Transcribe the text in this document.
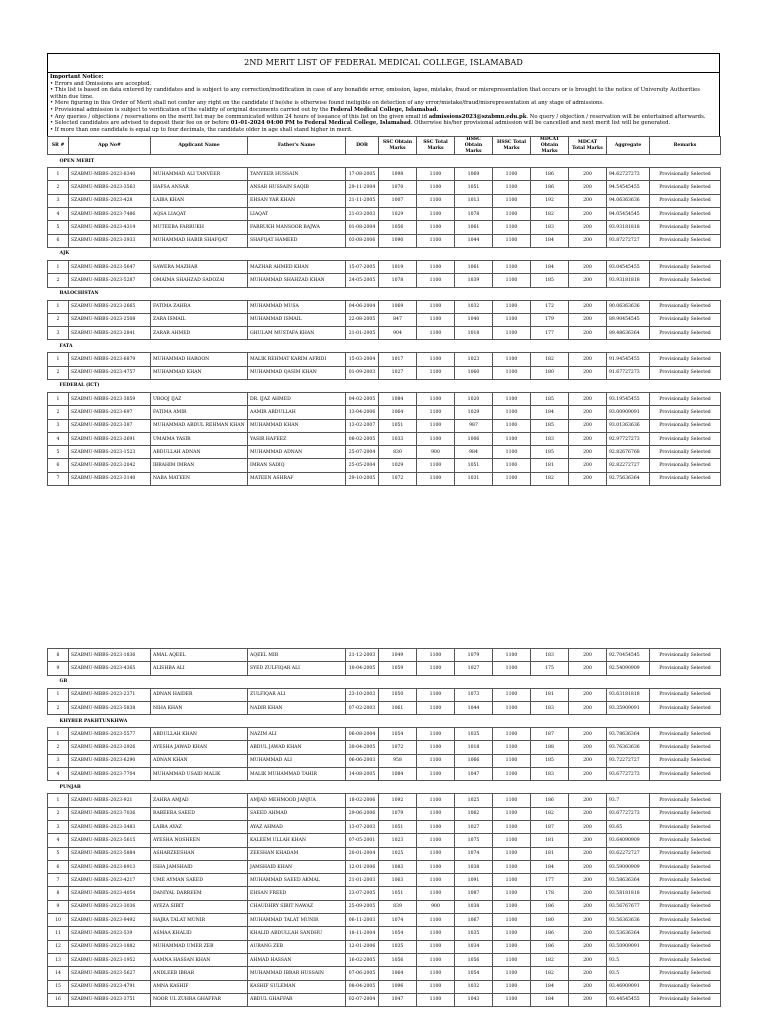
2ND MERIT LIST OF FEDERAL MEDICAL COLLEGE, ISLAMABAD
Important Notice:
• Errors and Omissions are accepted.
• This list is based on data entered by candidates and is subject to any correction/modification in case of any bonafide error, omission, lapse, mistake, fraud or misrepresentation that occurs or is brought to the notice of University Authorities within due time.
• Mere figuring in this Order of Merit shall not confer any right on the candidate if he/she is otherwise found ineligible on detection of any error/mistake/fraud/misrepresentation at any stage of admissions.
• Provisional admission is subject to verification of the validity of original documents carried out by the Federal Medical College, Islamabad.
• Any queries / objections / reservations on the merit list may be communicated within 24 hours of issuance of this list on the given email id admissions2023@szabmu.edu.pk. No query / objection / reservation will be entertained afterwards.
• Selected candidates are advised to deposit their fee on or before 01-01-2024 04:00 PM to Federal Medical College, Islamabad. Otherwise his/her provisional admission will be cancelled and next merit list will be generated.
• If more than one candidate is equal up to four decimals, the candidate older in age shall stand higher in merit.
SR #	App No#	Applicant Name	Father's Name	DOB	SSC Obtain Marks	SSC Total Marks	HSSC Obtain Marks	HSSC Total Marks	MDCAT Obtain Marks	MDCAT Total Marks	Aggregate	Remarks
OPEN MERIT												
1	SZABMU-MBBS-2023-8340	MUHAMMAD ALI TANVEER	TANVEER HUSSAIN	17-08-2005	1098	1100	1069	1100	186	200	94.62727273	Provisionally Selected
2	SZABMU-MBBS-2023-3563	HAFSA ANSAR	ANSAR HUSSAIN SAQIB	29-11-2004	1070	1100	1051	1100	186	200	94.54545455	Provisionally Selected
3	SZABMU-MBBS-2023-428	LAIBA KHAN	EHSAN YAR KHAN	21-11-2005	1007	1100	1013	1100	192	200	94.06363636	Provisionally Selected
4	SZABMU-MBBS-2023-7486	AQSA LIAQAT	LIAQAT	21-03-2003	1029	1100	1078	1100	182	200	94.05454545	Provisionally Selected
5	SZABMU-MBBS-2023-4314	MUTEEBA FARRUKH	FARRUKH MANSOOR BAJWA	01-08-2004	1056	1100	1061	1100	183	200	93.93181818	Provisionally Selected
6	SZABMU-MBBS-2023-3933	MUHAMMAD HABIB SHAFQAT	SHAFQAT HAMEED	03-08-2006	1090	1100	1044	1100	184	200	93.87272727	Provisionally Selected
AJK												
1	SZABMU-MBBS-2023-5647	SAWERA MAZHAR	MAZHAR AHMED KHAN	15-07-2005	1019	1100	1061	1100	184	200	93.04545455	Provisionally Selected
2	SZABMU-MBBS-2023-5287	OMAIMA SHAHZAD SADOZAI	MUHAMMAD SHAHZAD KHAN	24-05-2005	1078	1100	1039	1100	185	200	93.93181818	Provisionally Selected
BALOCHISTAN												
1	SZABMU-MBBS-2023-2665	FATIMA ZAHRA	MUHAMMAD MUSA	04-06-2004	1069	1100	1032	1100	172	200	90.06363636	Provisionally Selected
2	SZABMU-MBBS-2023-2508	ZARA ISMAIL	MUHAMMAD ISMAIL	22-08-2005	847	1100	1040	1100	179	200	89.90454545	Provisionally Selected
3	SZABMU-MBBS-2023-2841	ZARAR AHMED	GHULAM MUSTAFA KHAN	21-01-2005	904	1100	1018	1100	177	200	89.48636364	Provisionally Selected
FATA												
1	SZABMU-MBBS-2023-6879	MUHAMMAD HAROON	MALIK REHMAT KARIM AFRIDI	15-03-2004	1017	1100	1023	1100	182	200	91.94545455	Provisionally Selected
2	SZABMU-MBBS-2023-4757	MUHAMMAD KHAN	MUHAMMAD QASIM KHAN	01-09-2003	1027	1100	1060	1100	180	200	91.67727273	Provisionally Selected
FEDERAL (ICT)												
1	SZABMU-MBBS-2023-3859	UROOJ IJAZ	DR. IJAZ AHMED	04-02-2005	1084	1100	1020	1100	185	200	93.19545455	Provisionally Selected
2	SZABMU-MBBS-2023-697	FATIMA AMIR	AAMIR ABDULLAH	13-04-2006	1064	1100	1029	1100	184	200	93.00909091	Provisionally Selected
3	SZABMU-MBBS-2023-387	MUHAMMAD ABDUL REHMAN KHAN	MUHAMMAD KHAN	13-02-2007	1051	1100	987	1100	185	200	93.01363636	Provisionally Selected
4	SZABMU-MBBS-2023-2691	UMAIMA YASIR	YASIR HAFEEZ	08-02-2005	1033	1100	1006	1100	183	200	92.97727273	Provisionally Selected
5	SZABMU-MBBS-2023-1523	ABDULLAH ADNAN	MUHAMMAD ADNAN	25-07-2004	830	900	984	1100	185	200	92.82676768	Provisionally Selected
6	SZABMU-MBBS-2023-2042	IBRAHIM IMRAN	IMRAN SADIQ	25-05-2004	1029	1100	1051	1100	181	200	92.82272727	Provisionally Selected
7	SZABMU-MBBS-2023-3140	NABA MATEEN	MATEEN ASHRAF	29-10-2005	1072	1100	1031	1100	182	200	92.75636364	Provisionally Selected
8	SZABMU-MBBS-2023-1836	AMAL AQEEL	AQEEL MIR	21-12-2003	1049	1100	1079	1100	183	200	92.70454545	Provisionally Selected
9	SZABMU-MBBS-2023-4365	ALISHBA ALI	SYED ZULFIQAR ALI	10-04-2005	1059	1100	1027	1100	175	200	92.54090909	Provisionally Selected
GB												
1	SZABMU-MBBS-2023-2371	ADNAN HAIDER	ZULFIQAR ALI	23-10-2003	1050	1100	1073	1100	181	200	93.63181818	Provisionally Selected
2	SZABMU-MBBS-2023-5838	NIHA KHAN	NADIR KHAN	07-02-2003	1061	1100	1044	1100	183	200	93.35909091	Provisionally Selected
KHYBER PAKHTUNKHWA												
1	SZABMU-MBBS-2023-5577	ABDULLAH KHAN	NAZIM ALI	06-08-2004	1054	1100	1035	1100	187	200	93.78636364	Provisionally Selected
2	SZABMU-MBBS-2023-2926	AYESHA JAWAD KHAN	ABDUL JAWAD KHAN	30-04-2005	1072	1100	1018	1100	188	200	93.76363636	Provisionally Selected
3	SZABMU-MBBS-2023-6290	ADNAN KHAN	MUHAMMAD ALI	06-06-2003	958	1100	1066	1100	185	200	93.72272727	Provisionally Selected
4	SZABMU-MBBS-2023-7704	MUHAMMAD USAID MALIK	MALIK MUHAMMAD TAHIR	14-08-2005	1084	1100	1047	1100	183	200	93.67727273	Provisionally Selected
PUNJAB												
1	SZABMU-MBBS-2023-921	ZAHRA AMJAD	AMJAD MEHMOOD JANJUA	18-02-2006	1092	1100	1025	1100	186	200	93.7	Provisionally Selected
2	SZABMU-MBBS-2023-7036	RABEERA SAEED	SAEED AHMAD	29-06-2006	1079	1100	1062	1100	182	200	93.67727273	Provisionally Selected
3	SZABMU-MBBS-2023-3483	LAIBA AYAZ	AYAZ AHMAD	13-07-2003	1051	1100	1027	1100	187	200	93.65	Provisionally Selected
4	SZABMU-MBBS-2023-5615	AYESHA NOSHEEN	KALEEM ULLAH KHAN	07-05-2001	1023	1100	1075	1100	181	200	93.64090909	Provisionally Selected
5	SZABMU-MBBS-2023-5884	ASHARZEESHAN	ZEESHAN KHADAM	20-01-2004	1025	1100	1074	1100	181	200	93.62272727	Provisionally Selected
6	SZABMU-MBBS-2023-8913	ISHA JAMSHAID	JAMSHAID KHAN	12-01-2006	1083	1100	1038	1100	184	200	93.59090909	Provisionally Selected
7	SZABMU-MBBS-2023-4217	UME AYMAN SAEED	MUHAMMAD SAEED AKMAL	21-01-2003	1063	1100	1091	1100	177	200	93.58636364	Provisionally Selected
8	SZABMU-MBBS-2023-4054	DANIYAL DARREEM	EHSAN FREED	23-07-2005	1051	1100	1087	1100	178	200	93.58181818	Provisionally Selected
9	SZABMU-MBBS-2023-3036	AYEZA SIBIT	CHAUDHRY SIBIT NAWAZ	25-09-2005	839	900	1038	1100	186	200	93.56767677	Provisionally Selected
10	SZABMU-MBBS-2023-9492	HAJRA TALAT MUNIR	MUHAMMAD TALAT MUNIR	06-11-2003	1074	1100	1067	1100	180	200	93.56363636	Provisionally Selected
11	SZABMU-MBBS-2023-539	ASMAA KHALID	KHALID ABDULLAH SANDHU	18-11-2004	1054	1100	1035	1100	186	200	93.53636364	Provisionally Selected
12	SZABMU-MBBS-2023-1882	MUHAMMAD UMER ZEB	AURANG ZEB	12-01-2006	1035	1100	1034	1100	186	200	93.50909091	Provisionally Selected
13	SZABMU-MBBS-2023-1952	AAMNA HASSAN KHAN	AHMAD HASSAN	16-02-2005	1056	1100	1056	1100	182	200	93.5	Provisionally Selected
14	SZABMU-MBBS-2023-5627	ANDLEEB IBRAR	MUHAMMAD IBRAR HUSSAIN	07-06-2005	1064	1100	1054	1100	182	200	93.5	Provisionally Selected
15	SZABMU-MBBS-2023-4791	AMNA KASHIF	KASHIF SULEMAN	08-04-2005	1096	1100	1032	1100	184	200	93.46909091	Provisionally Selected
16	SZABMU-MBBS-2023-3751	NOOR UL ZUHRA GHAFFAR	ABDUL GHAFFAR	02-07-2004	1047	1100	1043	1100	184	200	93.44545455	Provisionally Selected
